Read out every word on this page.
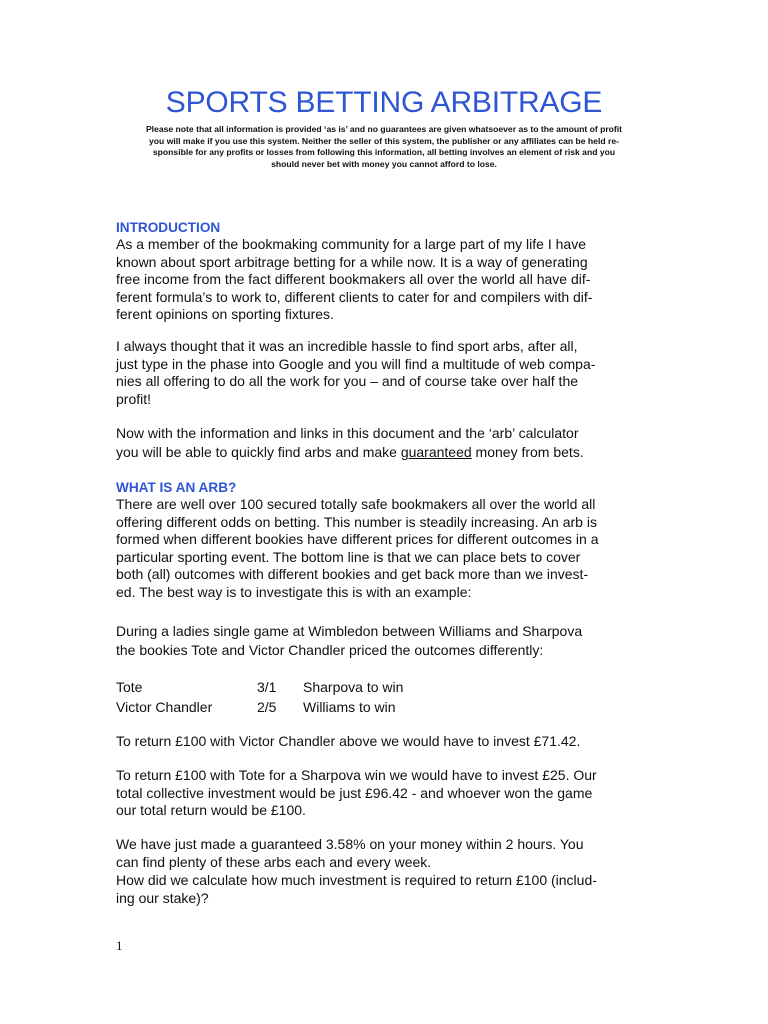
SPORTS BETTING ARBITRAGE
Please note that all information is provided ‘as is’ and no guarantees are given whatsoever as to the amount of profit
you will make if you use this system. Neither the seller of this system, the publisher or any affiliates can be held re-
sponsible for any profits or losses from following this information, all betting involves an element of risk and you
should never bet with money you cannot afford to lose.
INTRODUCTION
As a member of the bookmaking community for a large part of my life I have
known about sport arbitrage betting for a while now. It is a way of generating
free income from the fact different bookmakers all over the world all have dif-
ferent formula’s to work to, different clients to cater for and compilers with dif-
ferent opinions on sporting fixtures.
I always thought that it was an incredible hassle to find sport arbs, after all,
just type in the phase into Google and you will find a multitude of web compa-
nies all offering to do all the work for you – and of course take over half the
profit!
Now with the information and links in this document and the ‘arb’ calculator
you will be able to quickly find arbs and make guaranteed money from bets.
WHAT IS AN ARB?
There are well over 100 secured totally safe bookmakers all over the world all
offering different odds on betting. This number is steadily increasing. An arb is
formed when different bookies have different prices for different outcomes in a
particular sporting event. The bottom line is that we can place bets to cover
both (all) outcomes with different bookies and get back more than we invest-
ed. The best way is to investigate this is with an example:
During a ladies single game at Wimbledon between Williams and Sharpova
the bookies Tote and Victor Chandler priced the outcomes differently:
Tote	3/1 Sharpova to win
Victor Chandler	2/5 Williams to win
To return £100 with Victor Chandler above we would have to invest £71.42.
To return £100 with Tote for a Sharpova win we would have to invest £25. Our
total collective investment would be just £96.42 - and whoever won the game
our total return would be £100.
We have just made a guaranteed 3.58% on your money within 2 hours. You
can find plenty of these arbs each and every week.
How did we calculate how much investment is required to return £100 (includ-
ing our stake)?
1
